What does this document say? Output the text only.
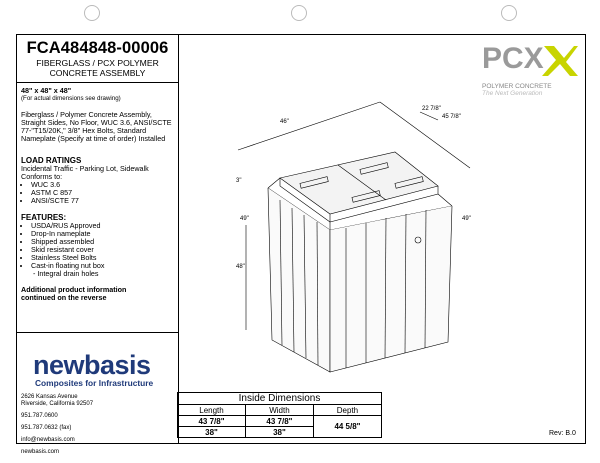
FCA484848-00006
FIBERGLASS / PCX POLYMER
CONCRETE ASSEMBLY
48" x 48" x 48"
(For actual dimensions see drawing)
Fiberglass / Polymer Concrete Assembly, Straight Sides, No Floor, WUC 3.6, ANSI/SCTE 77-"T15/20K," 3/8" Hex Bolts, Standard Nameplate (Specify at time of order) Installed
LOAD RATINGS
Incidental Traffic - Parking Lot, Sidewalk
Conforms to:
• WUC 3.6
• ASTM C 857
• ANSI/SCTE 77
FEATURES:
• USDA/RUS Approved
• Drop-In nameplate
• Shipped assembled
• Skid resistant cover
• Stainless Steel Bolts
• Cast-in floating nut box
- Integral drain holes
Additional product information
continued on the reverse
newbasis
Composites for Infrastructure
2626 Kansas Avenue
Riverside, California 92507
951.787.0600
951.787.0632 (fax)
info@newbasis.com
newbasis.com
PCX
POLYMER CONCRETE
The Next Generation
46"
45 7/8"
22 7/8"
3"
49"	49"
48"
Inside Dimensions		
Length	Width	Depth
43 7/8"	43 7/8"	44 5/8"
38"	38"		Rev: B.0
